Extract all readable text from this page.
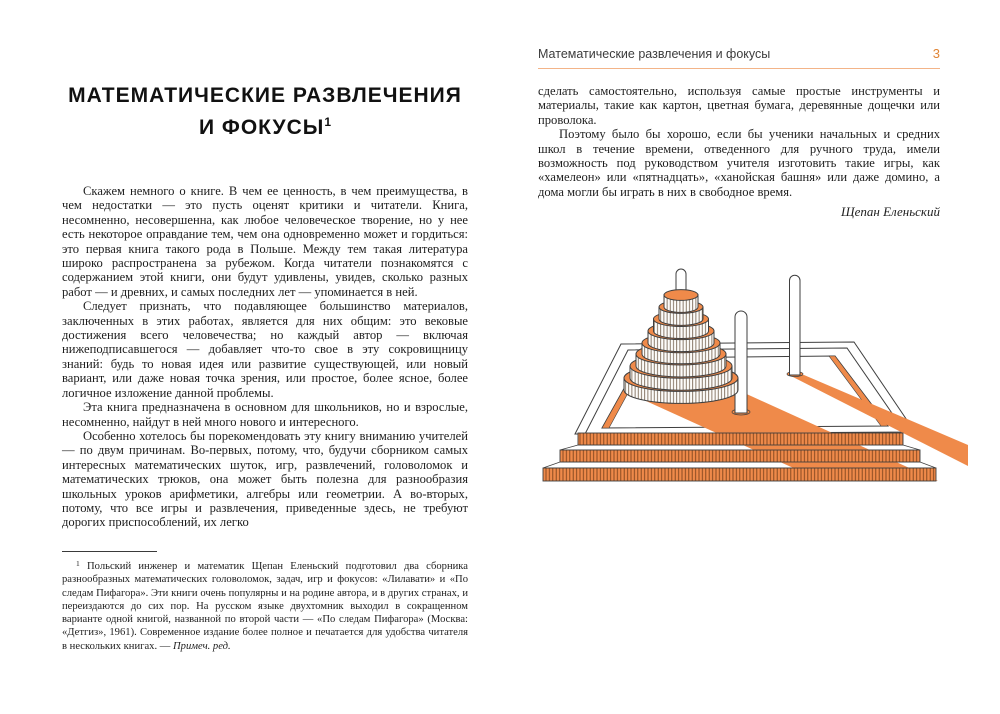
МАТЕМАТИЧЕСКИЕ РАЗВЛЕЧЕНИЯ
И ФОКУСЫ$^1$

Скажем немного о книге. В чем ее ценность, в чем преимущества, в чем недостатки — это пусть оценят критики и читатели. Книга, несомненно, несовершенна, как любое человеческое творение, но у нее есть некоторое оправдание тем, чем она одновременно может и гордиться: это первая книга такого рода в Польше. Между тем такая литература широко распространена за рубежом. Когда читатели познакомятся с содержанием этой книги, они будут удивлены, увидев, сколько разных работ — и древних, и самых последних лет — упоминается в ней.

Следует признать, что подавляющее большинство материалов, заключенных в этих работах, является для них общим: это вековые достижения всего человечества; но каждый автор — включая нижеподписавшегося — добавляет что-то свое в эту сокровищницу знаний: будь то новая идея или развитие существующей, или новый вариант, или даже новая точка зрения, или простое, более ясное, более логичное изложение данной проблемы.

Эта книга предназначена в основном для школьников, но и взрослые, несомненно, найдут в ней много нового и интересного.

Особенно хотелось бы порекомендовать эту книгу вниманию учителей — по двум причинам. Во-первых, потому, что, будучи сборником самых интересных математических шуток, игр, развлечений, головоломок и математических трюков, она может быть полезна для разнообразия школьных уроков арифметики, алгебры или геометрии. А во-вторых, потому, что все игры и развлечения, приведенные здесь, не требуют дорогих приспособлений, их легко

$^1$ Польский инженер и математик Щепан Еленьский подготовил два сборника разнообразных математических головоломок, задач, игр и фокусов: «Лилавати» и «По следам Пифагора». Эти книги очень популярны и на родине автора, и в других странах, и переиздаются до сих пор. На русском языке двухтомник выходил в сокращенном варианте одной книгой, названной по второй части — «По следам Пифагора» (Москва: «Детгиз», 1961). Современное издание более полное и печатается для удобства читателя в нескольких книгах. — Примеч. ред.

Математические развлечения и фокусы	3

сделать самостоятельно, используя самые простые инструменты и материалы, такие как картон, цветная бумага, деревянные дощечки или проволока.

Поэтому было бы хорошо, если бы ученики начальных и средних школ в течение времени, отведенного для ручного труда, имели возможность под руководством учителя изготовить такие игры, как «хамелеон» или «пятнадцать», «ханойская башня» или даже домино, а дома могли бы играть в них в свободное время.

Щепан Еленьский
